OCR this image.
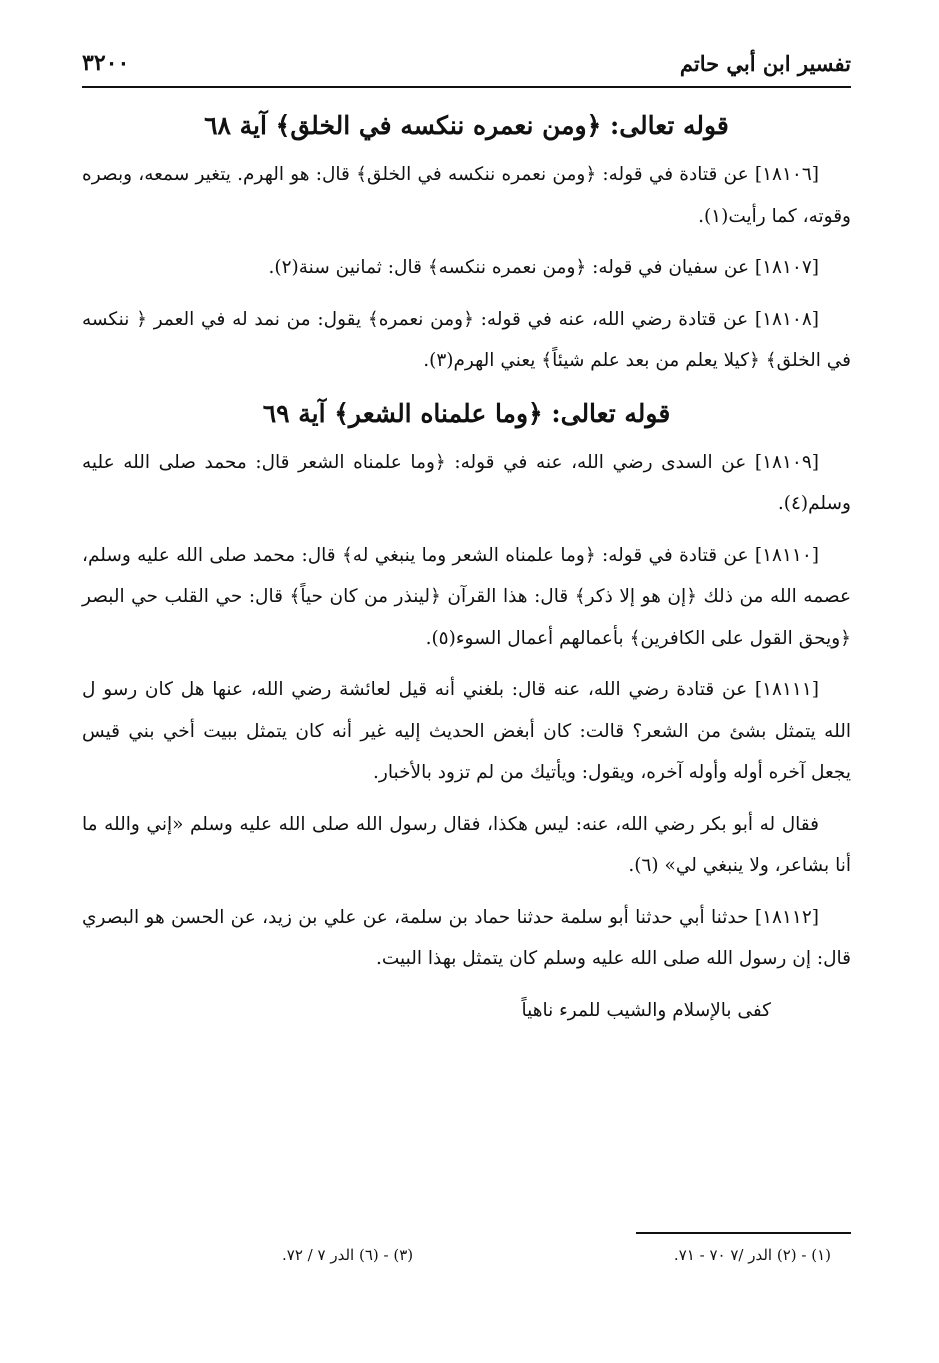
٣٢٠٠	تفسير ابن أبي حاتم
قوله تعالى: ﴿ومن نعمره ننكسه في الخلق﴾ آية ٦٨

[١٨١٠٦] عن قتادة في قوله: ﴿ومن نعمره ننكسه في الخلق﴾ قال: هو الهرم. يتغير سمعه، وبصره وقوته، كما رأيت(١).

[١٨١٠٧] عن سفيان في قوله: ﴿ومن نعمره ننكسه﴾ قال: ثمانين سنة(٢).

[١٨١٠٨] عن قتادة رضي الله، عنه في قوله: ﴿ومن نعمره﴾ يقول: من نمد له في العمر ﴿ ننكسه في الخلق﴾ ﴿كيلا يعلم من بعد علم شيئاً﴾ يعني الهرم(٣).

قوله تعالى: ﴿وما علمناه الشعر﴾ آية ٦٩

[١٨١٠٩] عن السدى رضي الله، عنه في قوله: ﴿وما علمناه الشعر قال: محمد صلى الله عليه وسلم(٤).

[١٨١١٠] عن قتادة في قوله: ﴿وما علمناه الشعر وما ينبغي له﴾ قال: محمد صلى الله عليه وسلم، عصمه الله من ذلك ﴿إن هو إلا ذكر﴾ قال: هذا القرآن ﴿لينذر من كان حياً﴾ قال: حي القلب حي البصر ﴿ويحق القول على الكافرين﴾ بأعمالهم أعمال السوء(٥).

[١٨١١١] عن قتادة رضي الله، عنه قال: بلغني أنه قيل لعائشة رضي الله، عنها هل كان رسو ل الله يتمثل بشئ من الشعر؟ قالت: كان أبغض الحديث إليه غير أنه كان يتمثل ببيت أخي بني قيس يجعل آخره أوله وأوله آخره، ويقول: ويأتيك من لم تزود بالأخبار.

فقال له أبو بكر رضي الله، عنه: ليس هكذا، فقال رسول الله صلى الله عليه وسلم «إني والله ما أنا بشاعر، ولا ينبغي لي» (٦).

[١٨١١٢] حدثنا أبي حدثنا أبو سلمة حدثنا حماد بن سلمة، عن علي بن زيد، عن الحسن هو البصري قال: إن رسول الله صلى الله عليه وسلم كان يتمثل بهذا البيت.

كفى بالإسلام والشيب للمرء ناهياً
(١) - (٢) الدر /٧ ٧٠ - ٧١.
(٣) - (٦) الدر ٧ / ٧٢.
